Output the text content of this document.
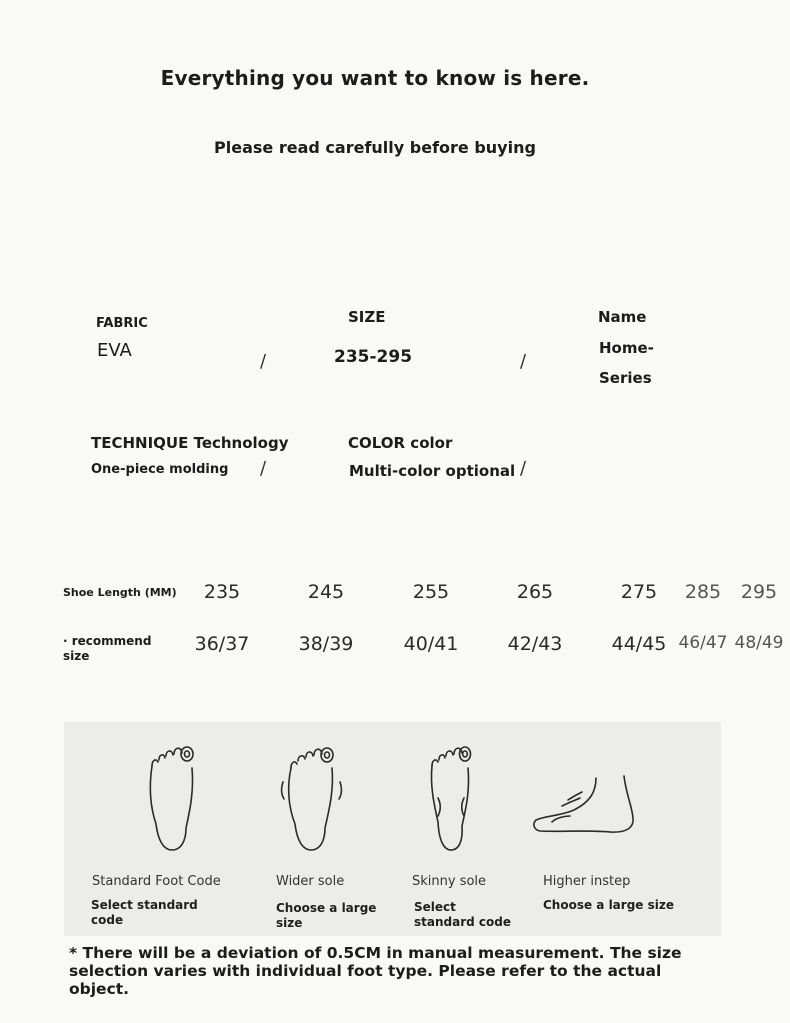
Everything you want to know is here.
Please read carefully before buying
FABRIC
EVA
/
SIZE
235-295	/
Name
Home-
Series
TECHNIQUE Technology
One-piece molding /
COLOR color
Multi-color optional /
Shoe Length (MM)	235	245	255	265	275	285	295
· recommend size
36/37	38/39	40/41	42/43	44/45 46/47 48/49
Standard Foot Code
Select standard code
Wider sole
Choose a large size
Skinny sole
Select standard code
Higher instep
Choose a large size
* There will be a deviation of 0.5CM in manual measurement. The size selection varies with individual foot type. Please refer to the actual object.
